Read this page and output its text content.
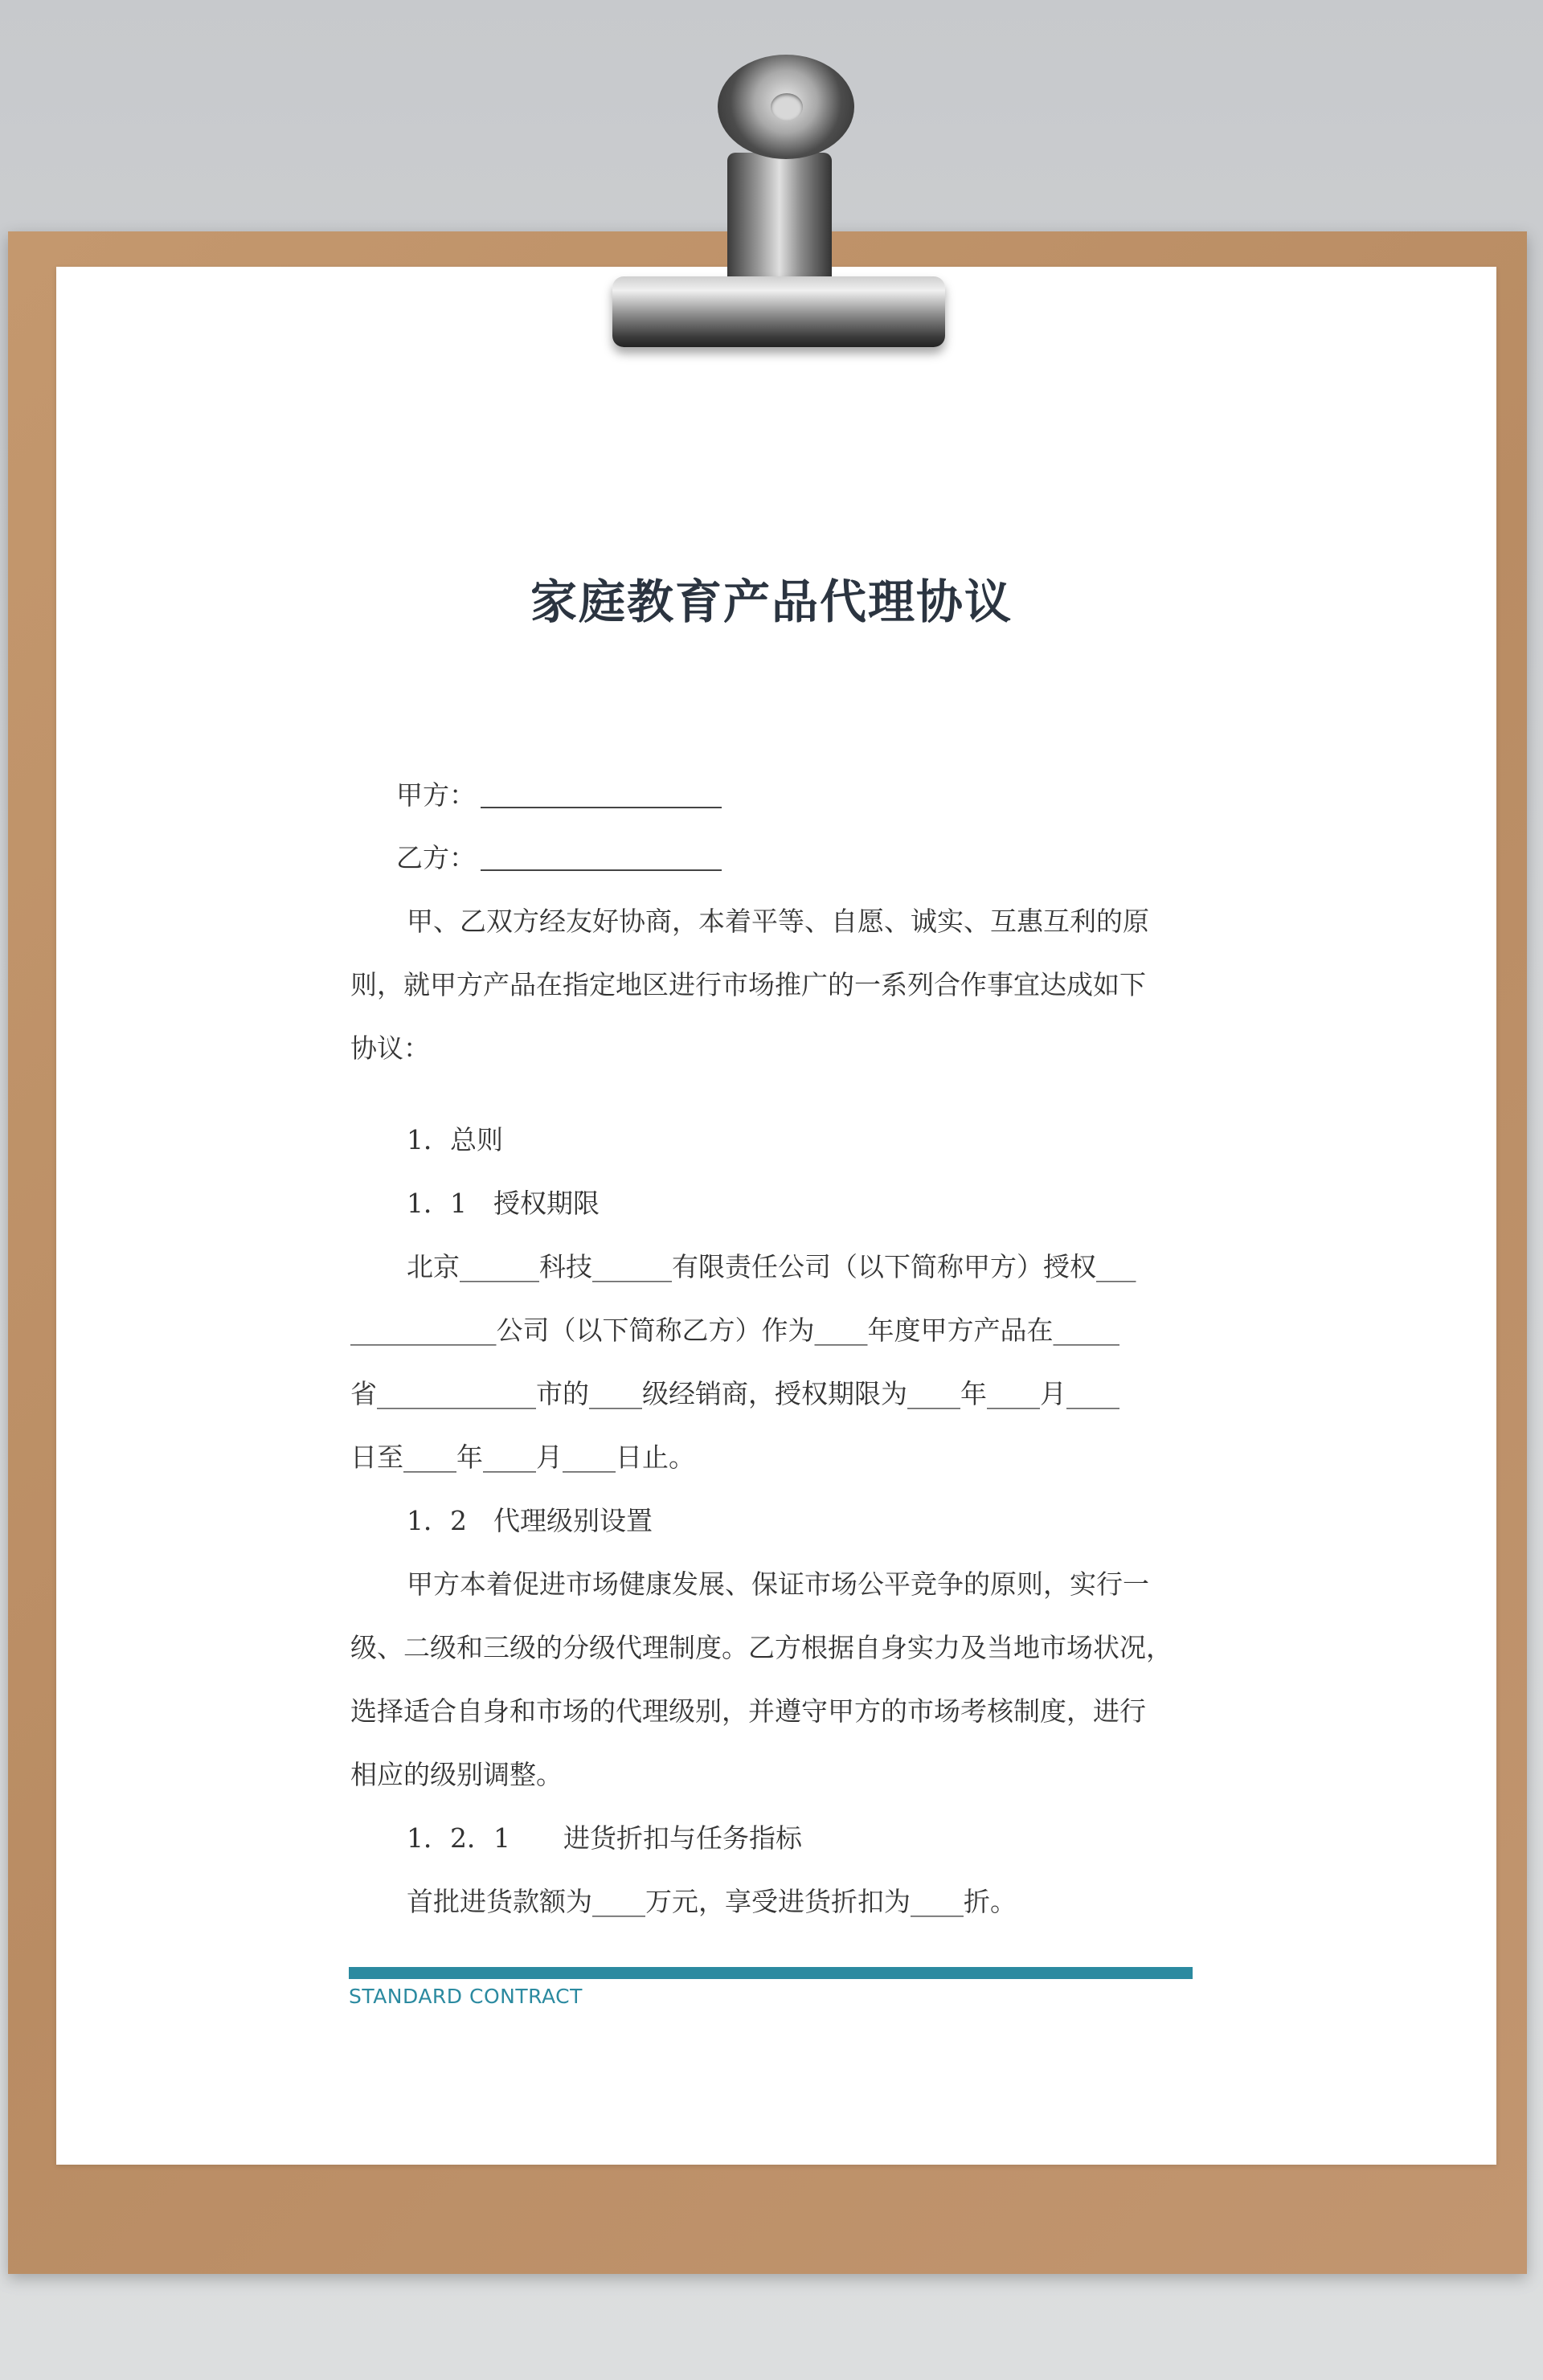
家庭教育产品代理协议

甲方：

乙方：

甲、乙双方经友好协商，本着平等、自愿、诚实、互惠互利的原
则，就甲方产品在指定地区进行市场推广的一系列合作事宜达成如下
协议：
1．总则
1．1　授权期限
北京______科技______有限责任公司（以下简称甲方）授权___
___________公司（以下简称乙方）作为____年度甲方产品在_____
省____________市的____级经销商，授权期限为____年____月____
日至____年____月____日止。
1．2　代理级别设置
甲方本着促进市场健康发展、保证市场公平竞争的原则，实行一
级、二级和三级的分级代理制度。乙方根据自身实力及当地市场状况，
选择适合自身和市场的代理级别，并遵守甲方的市场考核制度，进行
相应的级别调整。
1．2．1　　进货折扣与任务指标
首批进货款额为____万元，享受进货折扣为____折。
STANDARD CONTRACT
